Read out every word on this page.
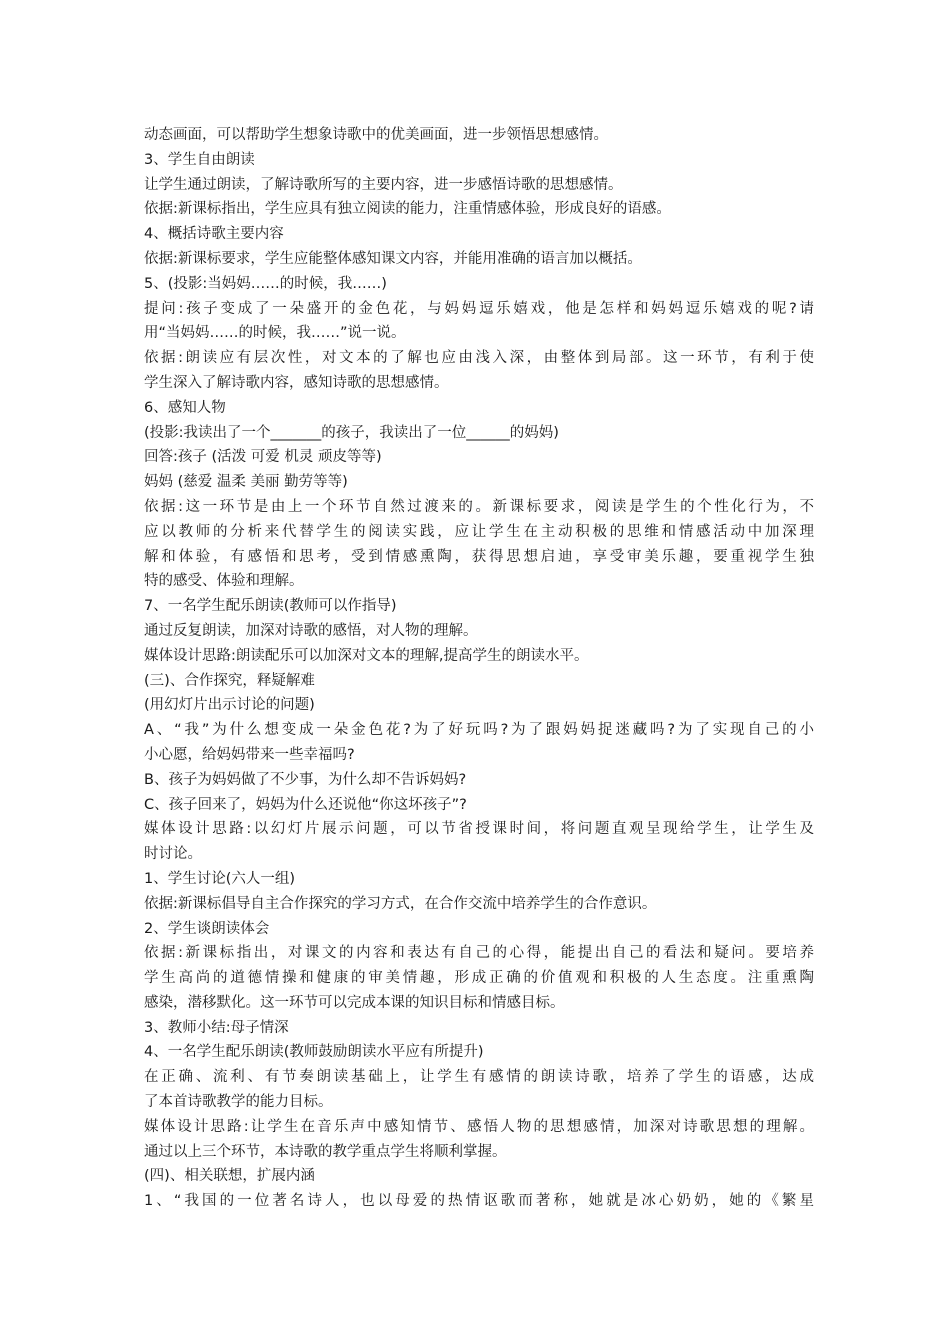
动态画面，可以帮助学生想象诗歌中的优美画面，进一步领悟思想感情。
3、学生自由朗读
让学生通过朗读，了解诗歌所写的主要内容，进一步感悟诗歌的思想感情。
依据:新课标指出，学生应具有独立阅读的能力，注重情感体验，形成良好的语感。
4、概括诗歌主要内容
依据:新课标要求，学生应能整体感知课文内容，并能用准确的语言加以概括。
5、(投影:当妈妈……的时候，我……)
提问:孩子变成了一朵盛开的金色花，与妈妈逗乐嬉戏，他是怎样和妈妈逗乐嬉戏的呢?请
用“当妈妈……的时候，我……”说一说。
依据:朗读应有层次性，对文本的了解也应由浅入深，由整体到局部。这一环节，有利于使
学生深入了解诗歌内容，感知诗歌的思想感情。
6、感知人物
(投影:我读出了一个_______的孩子，我读出了一位______的妈妈)
回答:孩子 (活泼 可爱 机灵 顽皮等等)
妈妈 (慈爱 温柔 美丽 勤劳等等)
依据:这一环节是由上一个环节自然过渡来的。新课标要求，阅读是学生的个性化行为，不
应以教师的分析来代替学生的阅读实践，应让学生在主动积极的思维和情感活动中加深理
解和体验，有感悟和思考，受到情感熏陶，获得思想启迪，享受审美乐趣，要重视学生独
特的感受、体验和理解。
7、一名学生配乐朗读(教师可以作指导)
通过反复朗读，加深对诗歌的感悟，对人物的理解。
媒体设计思路:朗读配乐可以加深对文本的理解,提高学生的朗读水平。
(三)、合作探究，释疑解难
(用幻灯片出示讨论的问题)
A、“我”为什么想变成一朵金色花?为了好玩吗?为了跟妈妈捉迷藏吗?为了实现自己的小
小心愿，给妈妈带来一些幸福吗?
B、孩子为妈妈做了不少事，为什么却不告诉妈妈?
C、孩子回来了，妈妈为什么还说他“你这坏孩子”?
媒体设计思路:以幻灯片展示问题，可以节省授课时间，将问题直观呈现给学生，让学生及
时讨论。
1、学生讨论(六人一组)
依据:新课标倡导自主合作探究的学习方式，在合作交流中培养学生的合作意识。
2、学生谈朗读体会
依据:新课标指出，对课文的内容和表达有自己的心得，能提出自己的看法和疑问。要培养
学生高尚的道德情操和健康的审美情趣，形成正确的价值观和积极的人生态度。注重熏陶
感染，潜移默化。这一环节可以完成本课的知识目标和情感目标。
3、教师小结:母子情深
4、一名学生配乐朗读(教师鼓励朗读水平应有所提升)
在正确、流利、有节奏朗读基础上，让学生有感情的朗读诗歌，培养了学生的语感，达成
了本首诗歌教学的能力目标。
媒体设计思路:让学生在音乐声中感知情节、感悟人物的思想感情，加深对诗歌思想的理解。
通过以上三个环节，本诗歌的教学重点学生将顺利掌握。
(四)、相关联想，扩展内涵
1、“我国的一位著名诗人，也以母爱的热情讴歌而著称，她就是冰心奶奶，她的《繁星
